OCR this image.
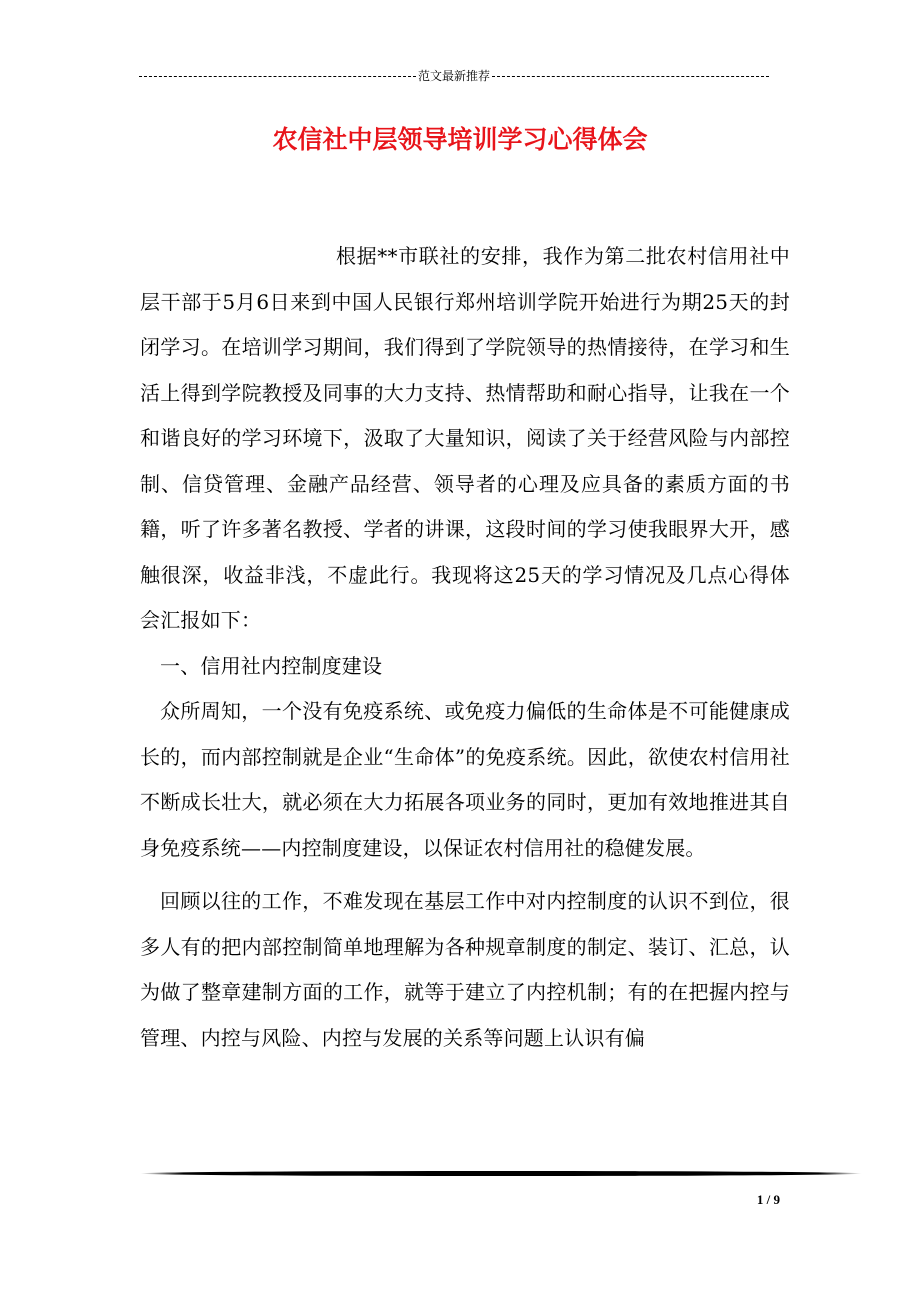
范文最新推荐
农信社中层领导培训学习心得体会

根据**市联社的安排，我作为第二批农村信用社中层干部于5月6日来到中国人民银行郑州培训学院开始进行为期25天的封闭学习。在培训学习期间，我们得到了学院领导的热情接待，在学习和生活上得到学院教授及同事的大力支持、热情帮助和耐心指导，让我在一个和谐良好的学习环境下，汲取了大量知识，阅读了关于经营风险与内部控制、信贷管理、金融产品经营、领导者的心理及应具备的素质方面的书籍，听了许多著名教授、学者的讲课，这段时间的学习使我眼界大开，感触很深，收益非浅，不虚此行。我现将这25天的学习情况及几点心得体会汇报如下：

一、信用社内控制度建设

众所周知，一个没有免疫系统、或免疫力偏低的生命体是不可能健康成长的，而内部控制就是企业“生命体”的免疫系统。因此，欲使农村信用社不断成长壮大，就必须在大力拓展各项业务的同时，更加有效地推进其自身免疫系统——内控制度建设，以保证农村信用社的稳健发展。

回顾以往的工作，不难发现在基层工作中对内控制度的认识不到位，很多人有的把内部控制简单地理解为各种规章制度的制定、装订、汇总，认为做了整章建制方面的工作，就等于建立了内控机制；有的在把握内控与管理、内控与风险、内控与发展的关系等问题上认识有偏

1 / 9
